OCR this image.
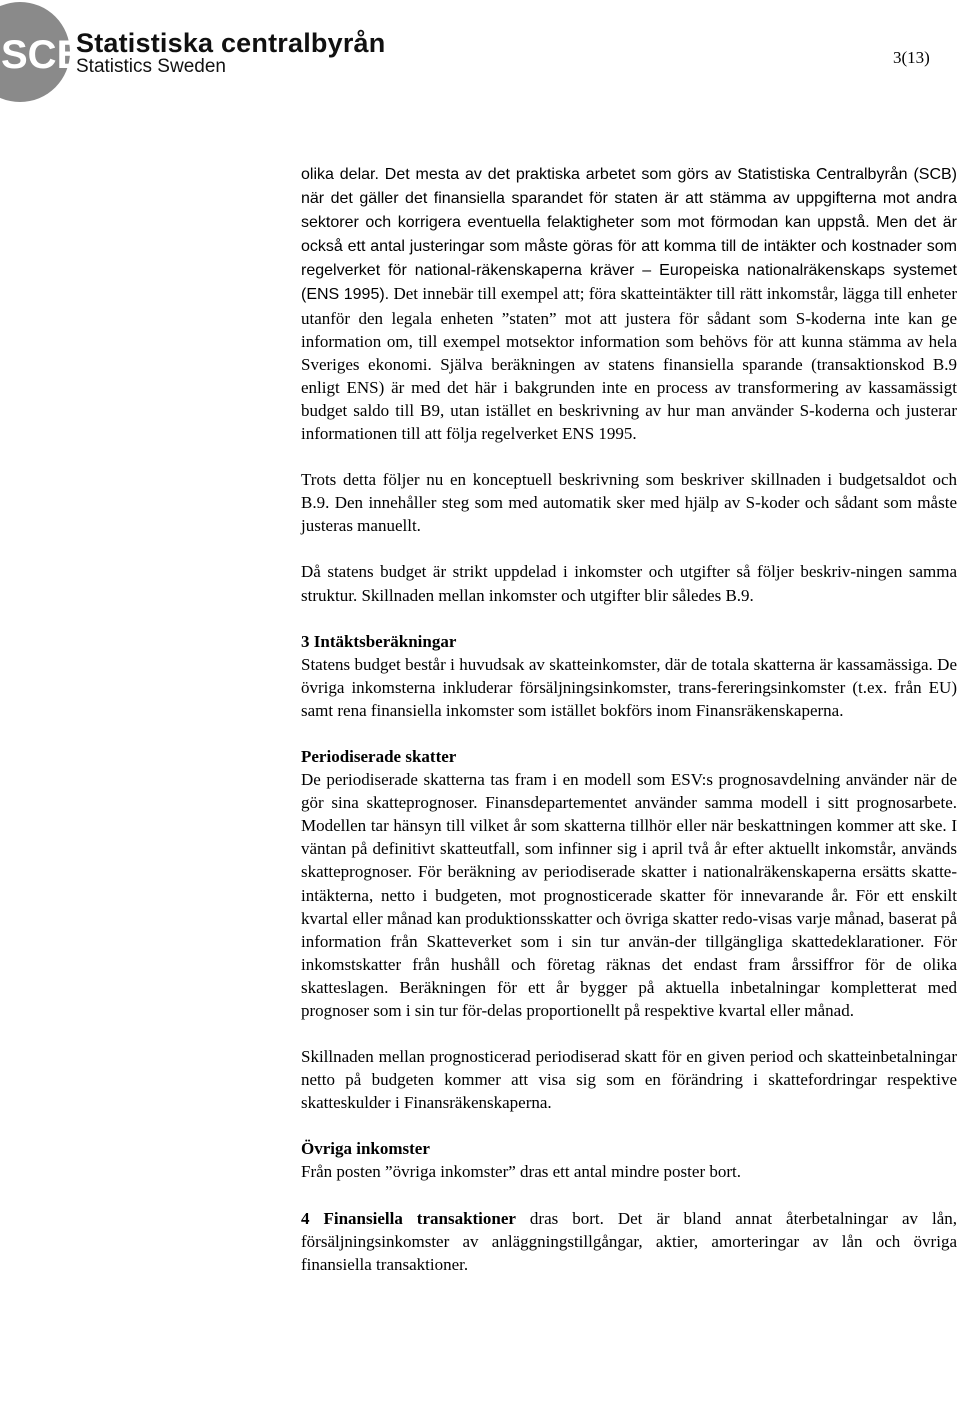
SCB
Statistiska centralbyrån
Statistics Sweden	3(13)

olika delar. Det mesta av det praktiska arbetet som görs av Statistiska Centralbyrån (SCB) när det gäller det finansiella sparandet för staten är att stämma av uppgifterna mot andra sektorer och korrigera eventuella felaktigheter som mot förmodan kan uppstå. Men det är också ett antal justeringar som måste göras för att komma till de intäkter och kostnader som regelverket för national-räkenskaperna kräver – Europeiska nationalräkenskaps systemet (ENS 1995). Det innebär till exempel att; föra skatteintäkter till rätt inkomstår, lägga till enheter utanför den legala enheten ”staten” mot att justera för sådant som S-koderna inte kan ge information om, till exempel motsektor information som behövs för att kunna stämma av hela Sveriges ekonomi. Själva beräkningen av statens finansiella sparande (transaktionskod B.9 enligt ENS) är med det här i bakgrunden inte en process av transformering av kassamässigt budget saldo till B9, utan istället en beskrivning av hur man använder S-koderna och justerar informationen till att följa regelverket ENS 1995.

Trots detta följer nu en konceptuell beskrivning som beskriver skillnaden i budgetsaldot och B.9. Den innehåller steg som med automatik sker med hjälp av S-koder och sådant som måste justeras manuellt.

Då statens budget är strikt uppdelad i inkomster och utgifter så följer beskriv-ningen samma struktur. Skillnaden mellan inkomster och utgifter blir således B.9.

3 Intäktsberäkningar
Statens budget består i huvudsak av skatteinkomster, där de totala skatterna är kassamässiga. De övriga inkomsterna inkluderar försäljningsinkomster, trans-fereringsinkomster (t.ex. från EU) samt rena finansiella inkomster som istället bokförs inom Finansräkenskaperna.

Periodiserade skatter
De periodiserade skatterna tas fram i en modell som ESV:s prognosavdelning använder när de gör sina skatteprognoser. Finansdepartementet använder samma modell i sitt prognosarbete. Modellen tar hänsyn till vilket år som skatterna tillhör eller när beskattningen kommer att ske. I väntan på definitivt skatteutfall, som infinner sig i april två år efter aktuellt inkomstår, används skatteprognoser. För beräkning av periodiserade skatter i nationalräkenskaperna ersätts skatte-intäkterna, netto i budgeten, mot prognosticerade skatter för innevarande år. För ett enskilt kvartal eller månad kan produktionsskatter och övriga skatter redo-visas varje månad, baserat på information från Skatteverket som i sin tur använ-der tillgängliga skattedeklarationer. För inkomstskatter från hushåll och företag räknas det endast fram årssiffror för de olika skatteslagen. Beräkningen för ett år bygger på aktuella inbetalningar kompletterat med prognoser som i sin tur för-delas proportionellt på respektive kvartal eller månad.

Skillnaden mellan prognosticerad periodiserad skatt för en given period och skatteinbetalningar netto på budgeten kommer att visa sig som en förändring i skattefordringar respektive skatteskulder i Finansräkenskaperna.

Övriga inkomster
Från posten ”övriga inkomster” dras ett antal mindre poster bort.

4 Finansiella transaktioner dras bort. Det är bland annat återbetalningar av lån, försäljningsinkomster av anläggningstillgångar, aktier, amorteringar av lån och övriga finansiella transaktioner.
